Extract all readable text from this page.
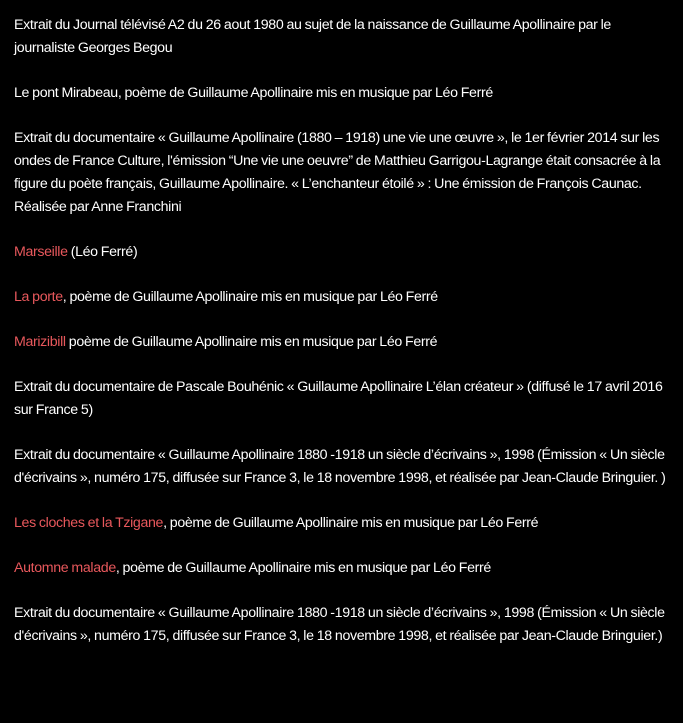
Extrait du Journal télévisé A2 du 26 aout 1980 au sujet de la naissance de Guillaume Apollinaire par le journaliste Georges Begou

Le pont Mirabeau, poème de Guillaume Apollinaire mis en musique par Léo Ferré

Extrait du documentaire « Guillaume Apollinaire (1880 – 1918) une vie une œuvre », le 1er février 2014 sur les ondes de France Culture, l'émission “Une vie une oeuvre” de Matthieu Garrigou-Lagrange était consacrée à la figure du poète français, Guillaume Apollinaire. « L’enchanteur étoilé » : Une émission de François Caunac. Réalisée par Anne Franchini

Marseille (Léo Ferré)

La porte, poème de Guillaume Apollinaire mis en musique par Léo Ferré

Marizibill poème de Guillaume Apollinaire mis en musique par Léo Ferré

Extrait du documentaire de Pascale Bouhénic « Guillaume Apollinaire L’élan créateur » (diffusé le 17 avril 2016 sur France 5)

Extrait du documentaire « Guillaume Apollinaire 1880 -1918 un siècle d’écrivains », 1998 (Émission « Un siècle d'écrivains », numéro 175, diffusée sur France 3, le 18 novembre 1998, et réalisée par Jean-Claude Bringuier. )

Les cloches et la Tzigane, poème de Guillaume Apollinaire mis en musique par Léo Ferré

Automne malade, poème de Guillaume Apollinaire mis en musique par Léo Ferré

Extrait du documentaire « Guillaume Apollinaire 1880 -1918 un siècle d’écrivains », 1998 (Émission « Un siècle d'écrivains », numéro 175, diffusée sur France 3, le 18 novembre 1998, et réalisée par Jean-Claude Bringuier.)
